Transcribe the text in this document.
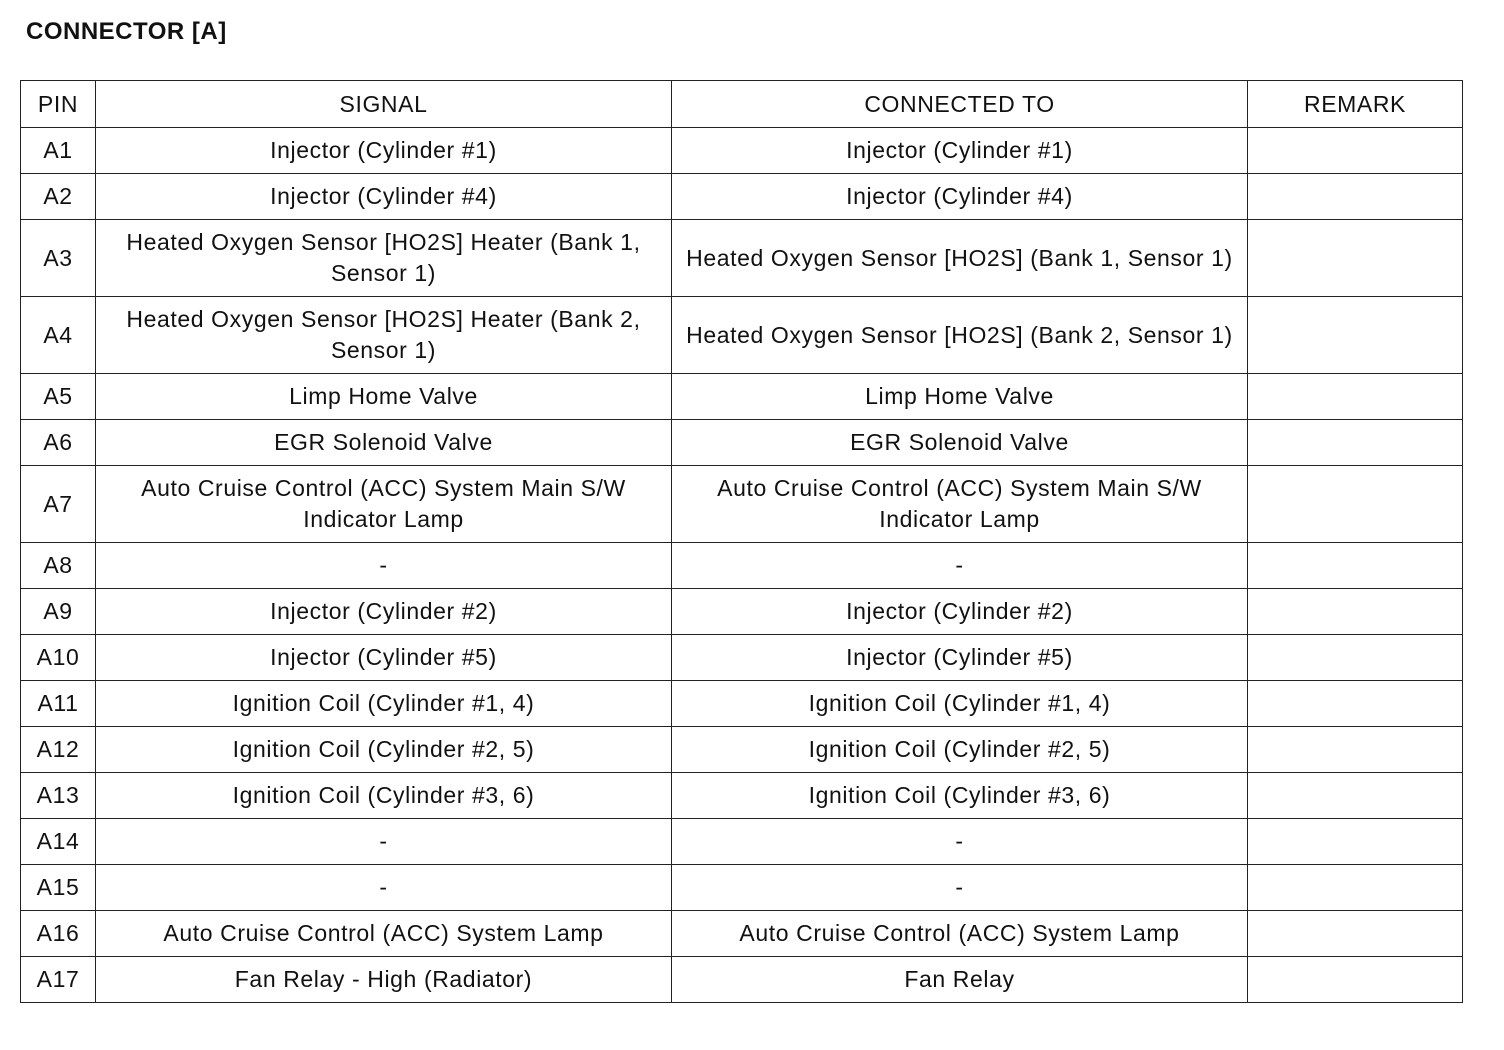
CONNECTOR [A]
PIN	SIGNAL	CONNECTED TO	REMARK
A1	Injector (Cylinder #1)	Injector (Cylinder #1)	
A2	Injector (Cylinder #4)	Injector (Cylinder #4)	
A3	Heated Oxygen Sensor [HO2S] Heater (Bank 1, Sensor 1)	Heated Oxygen Sensor [HO2S] (Bank 1, Sensor 1)	
A4	Heated Oxygen Sensor [HO2S] Heater (Bank 2, Sensor 1)	Heated Oxygen Sensor [HO2S] (Bank 2, Sensor 1)	
A5	Limp Home Valve	Limp Home Valve	
A6	EGR Solenoid Valve	EGR Solenoid Valve	
A7	Auto Cruise Control (ACC) System Main S/W Indicator Lamp	Auto Cruise Control (ACC) System Main S/W Indicator Lamp	
A8	-	-	
A9	Injector (Cylinder #2)	Injector (Cylinder #2)	
A10	Injector (Cylinder #5)	Injector (Cylinder #5)	
A11	Ignition Coil (Cylinder #1, 4)	Ignition Coil (Cylinder #1, 4)	
A12	Ignition Coil (Cylinder #2, 5)	Ignition Coil (Cylinder #2, 5)	
A13	Ignition Coil (Cylinder #3, 6)	Ignition Coil (Cylinder #3, 6)	
A14	-	-	
A15	-	-	
A16	Auto Cruise Control (ACC) System Lamp	Auto Cruise Control (ACC) System Lamp	
A17	Fan Relay - High (Radiator)	Fan Relay	
